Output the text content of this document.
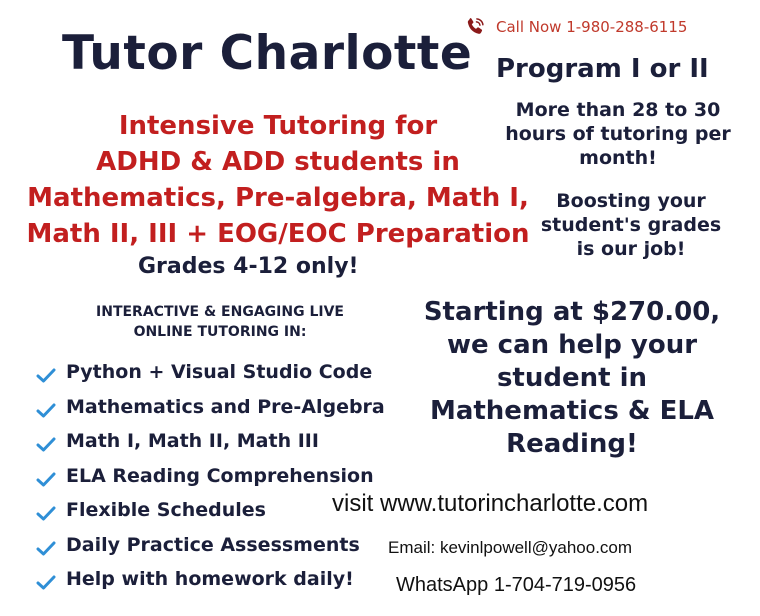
Call Now 1-980-288-6115
Tutor Charlotte Program I or II
More than 28 to 30
hours of tutoring per
month!
Boosting your
student's grades
is our job!
Intensive Tutoring for
ADHD & ADD students in
Mathematics, Pre-algebra, Math I,
Math II, III + EOG/EOC Preparation
Grades 4-12 only!
INTERACTIVE & ENGAGING LIVE
ONLINE TUTORING IN:
Python + Visual Studio Code
Mathematics and Pre-Algebra
Math I, Math II, Math III
ELA Reading Comprehension
Flexible Schedules
Daily Practice Assessments
Help with homework daily!
Starting at $270.00,
we can help your
student in
Mathematics & ELA
Reading!
visit www.tutorincharlotte.com
Email: kevinlpowell@yahoo.com
WhatsApp 1-704-719-0956
